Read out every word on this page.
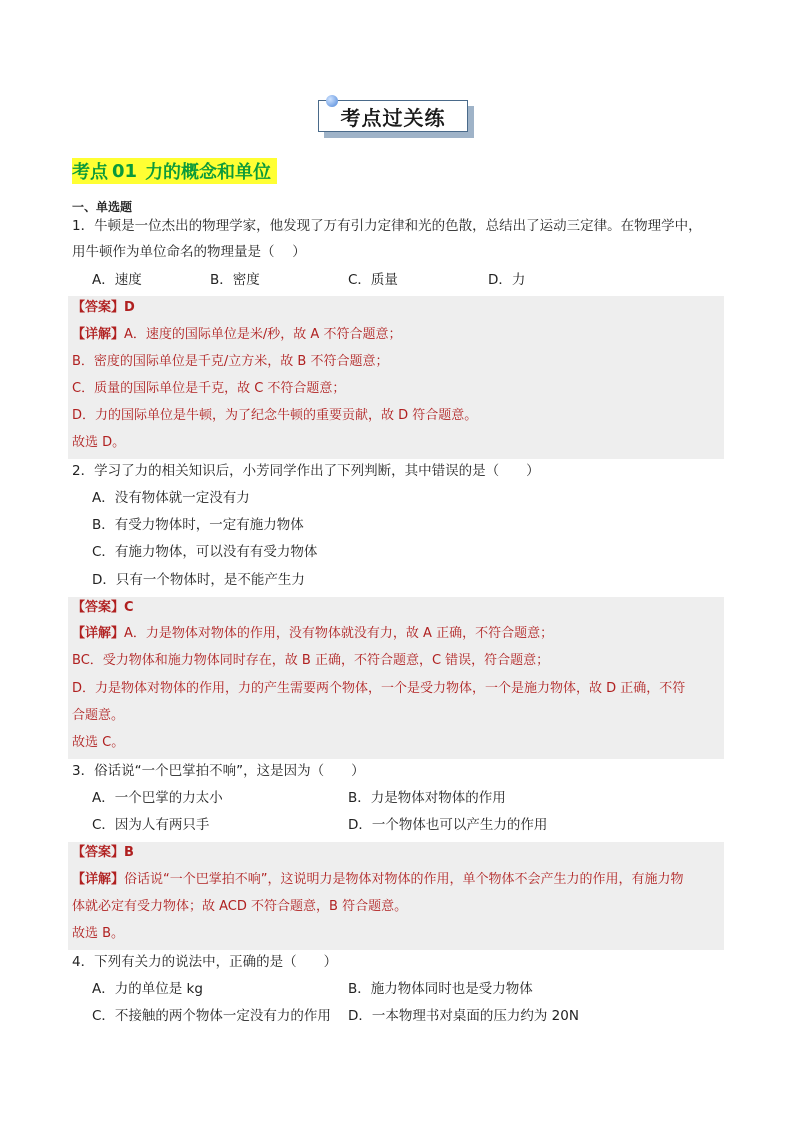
考点过关练
考点 01 力的概念和单位
一、单选题
1．牛顿是一位杰出的物理学家，他发现了万有引力定律和光的色散，总结出了运动三定律。在物理学中，
用牛顿作为单位命名的物理量是（　 ）
A．速度	B．密度	C．质量	D．力
【答案】D
【详解】A．速度的国际单位是米/秒，故 A 不符合题意；
B．密度的国际单位是千克/立方米，故 B 不符合题意；
C．质量的国际单位是千克，故 C 不符合题意；
D．力的国际单位是牛顿，为了纪念牛顿的重要贡献，故 D 符合题意。
故选 D。
2．学习了力的相关知识后，小芳同学作出了下列判断，其中错误的是（　　）
A．没有物体就一定没有力
B．有受力物体时，一定有施力物体
C．有施力物体，可以没有有受力物体
D．只有一个物体时，是不能产生力
【答案】C
【详解】A．力是物体对物体的作用，没有物体就没有力，故 A 正确，不符合题意；
BC．受力物体和施力物体同时存在，故 B 正确，不符合题意，C 错误，符合题意；
D．力是物体对物体的作用，力的产生需要两个物体，一个是受力物体，一个是施力物体，故 D 正确，不符
合题意。
故选 C。
3．俗话说“一个巴掌拍不响”，这是因为（　　）
A．一个巴掌的力太小	B．力是物体对物体的作用
C．因为人有两只手	D．一个物体也可以产生力的作用
【答案】B
【详解】俗话说“一个巴掌拍不响”，这说明力是物体对物体的作用，单个物体不会产生力的作用，有施力物
体就必定有受力物体；故 ACD 不符合题意，B 符合题意。
故选 B。
4．下列有关力的说法中，正确的是（　　）
A．力的单位是 kg	B．施力物体同时也是受力物体
C．不接触的两个物体一定没有力的作用 D．一本物理书对桌面的压力约为 20N
